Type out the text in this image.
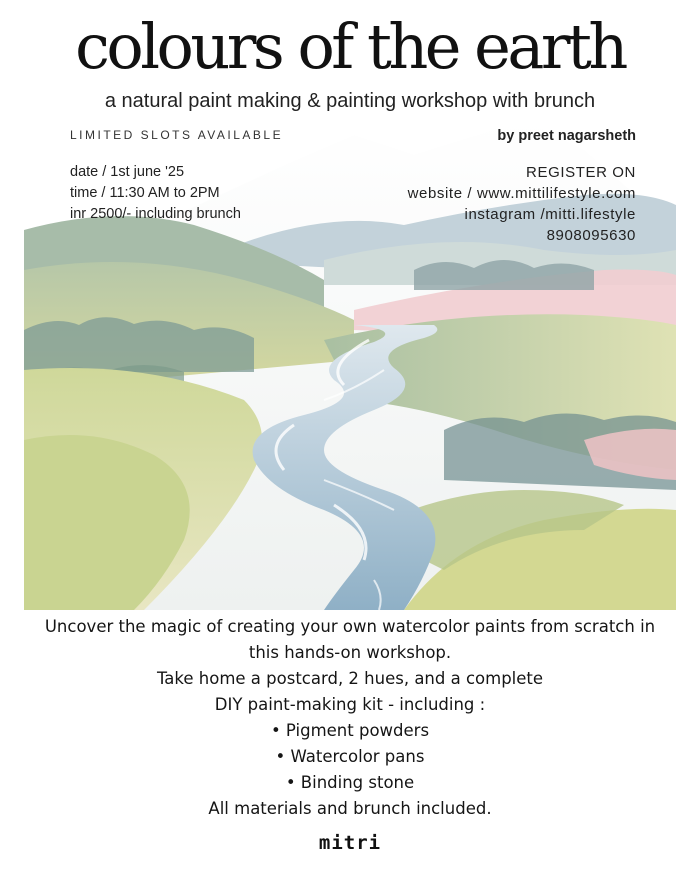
colours of the earth
a natural paint making & painting workshop with brunch
LIMITED SLOTS AVAILABLE	by preet nagarsheth
date / 1st june '25
time / 11:30 AM to 2PM
inr 2500/- including brunch
REGISTER ON
website / www.mittilifestyle.com
instagram /mitti.lifestyle
8908095630
Uncover the magic of creating your own watercolor paints from scratch in
this hands-on workshop.
Take home a postcard, 2 hues, and a complete
DIY paint-making kit - including :
• Pigment powders
• Watercolor pans
• Binding stone
All materials and brunch included.
mitri
